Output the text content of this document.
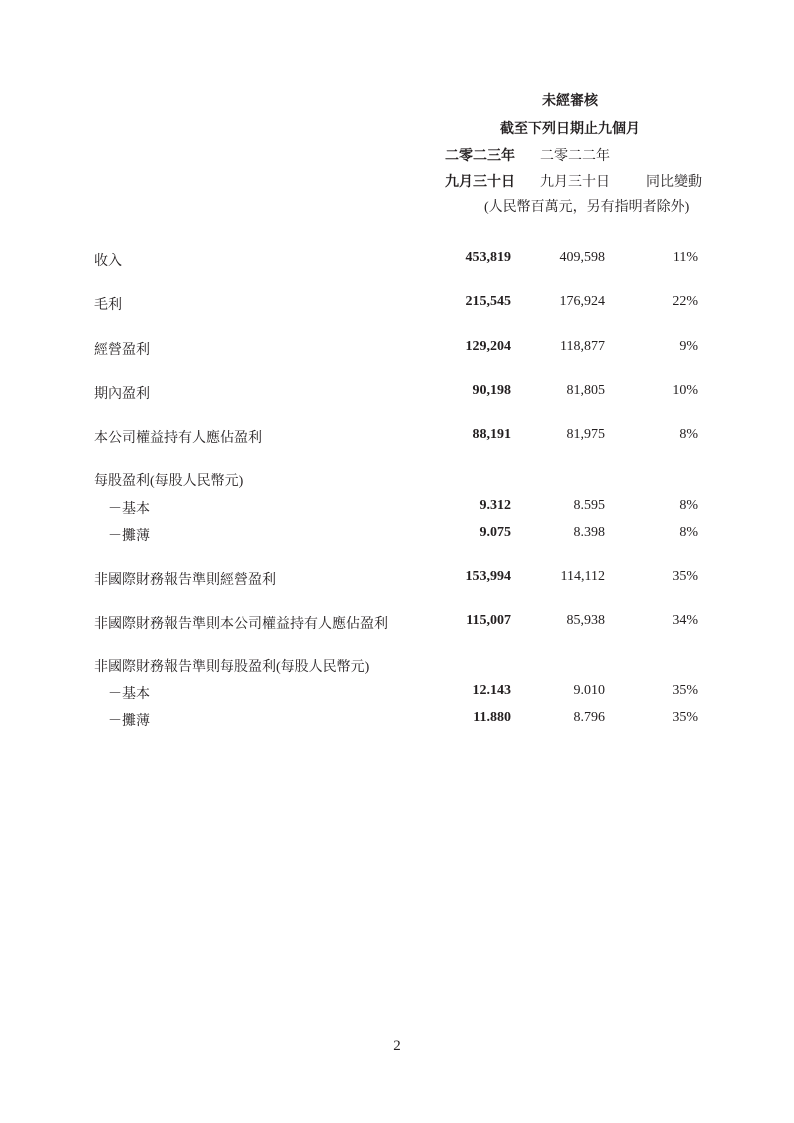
未經審核
截至下列日期止九個月
二零二三年 二零二二年
九月三十日 九月三十日	同比變動
(人民幣百萬元，另有指明者除外)
收入	453,819	409,598	11%
毛利	215,545	176,924	22%
經營盈利	129,204	118,877	9%
期內盈利	90,198	81,805	10%
本公司權益持有人應佔盈利	88,191	81,975	8%
每股盈利(每股人民幣元)
－基本	9.312	8.595	8%
－攤薄	9.075	8.398	8%
非國際財務報告準則經營盈利	153,994	114,112	35%
非國際財務報告準則本公司權益持有人應佔盈利	115,007	85,938	34%
非國際財務報告準則每股盈利(每股人民幣元)
－基本	12.143	9.010	35%
－攤薄	11.880	8.796	35%
2
